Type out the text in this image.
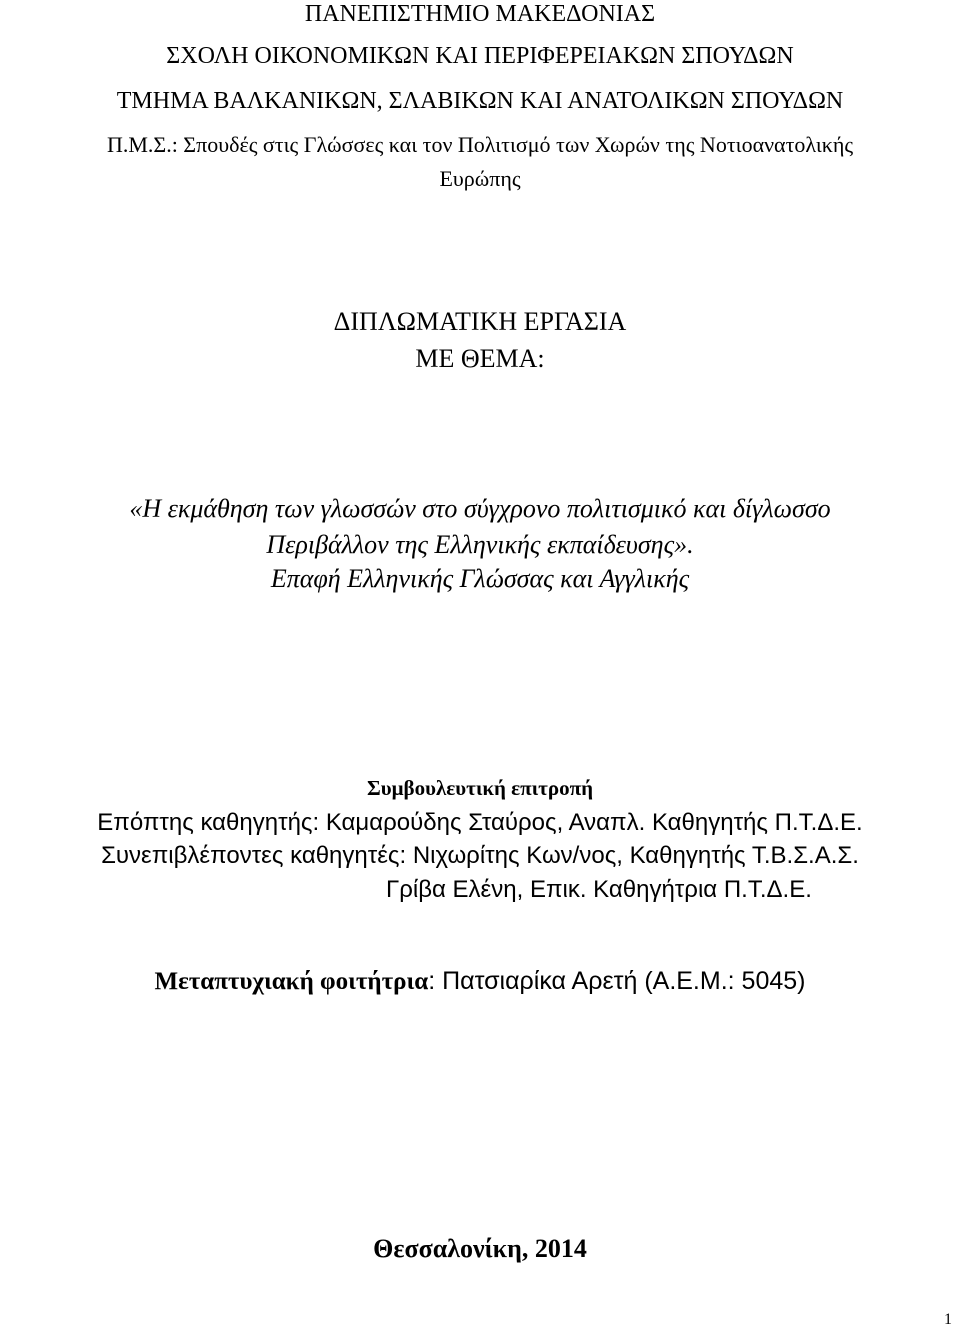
ΠΑΝΕΠΙΣΤΗΜΙΟ ΜΑΚΕΔΟΝΙΑΣ
ΣΧΟΛΗ ΟΙΚΟΝΟΜΙΚΩΝ ΚΑΙ ΠΕΡΙΦΕΡΕΙΑΚΩΝ ΣΠΟΥΔΩΝ
ΤΜΗΜΑ ΒΑΛΚΑΝΙΚΩΝ, ΣΛΑΒΙΚΩΝ ΚΑΙ ΑΝΑΤΟΛΙΚΩΝ ΣΠΟΥΔΩΝ
Π.Μ.Σ.: Σπουδές στις Γλώσσες και τον Πολιτισμό των Χωρών της Νοτιοανατολικής
Ευρώπης
ΔΙΠΛΩΜΑΤΙΚΗ ΕΡΓΑΣΙΑ
ΜΕ ΘΕΜΑ:
«Η εκμάθηση των γλωσσών στο σύγχρονο πολιτισμικό και δίγλωσσο
Περιβάλλον της Ελληνικής εκπαίδευσης».
Επαφή Ελληνικής Γλώσσας και Αγγλικής
Συμβουλευτική επιτροπή
Επόπτης καθηγητής: Καμαρούδης Σταύρος, Αναπλ. Καθηγητής Π.Τ.Δ.Ε.
Συνεπιβλέποντες καθηγητές: Νιχωρίτης Κων/νος, Καθηγητής Τ.Β.Σ.Α.Σ.
Γρίβα Ελένη, Επικ. Καθηγήτρια Π.Τ.Δ.Ε.
Μεταπτυχιακή φοιτήτρια: Πατσιαρίκα Αρετή (Α.Ε.Μ.: 5045)
Θεσσαλονίκη, 2014
1
